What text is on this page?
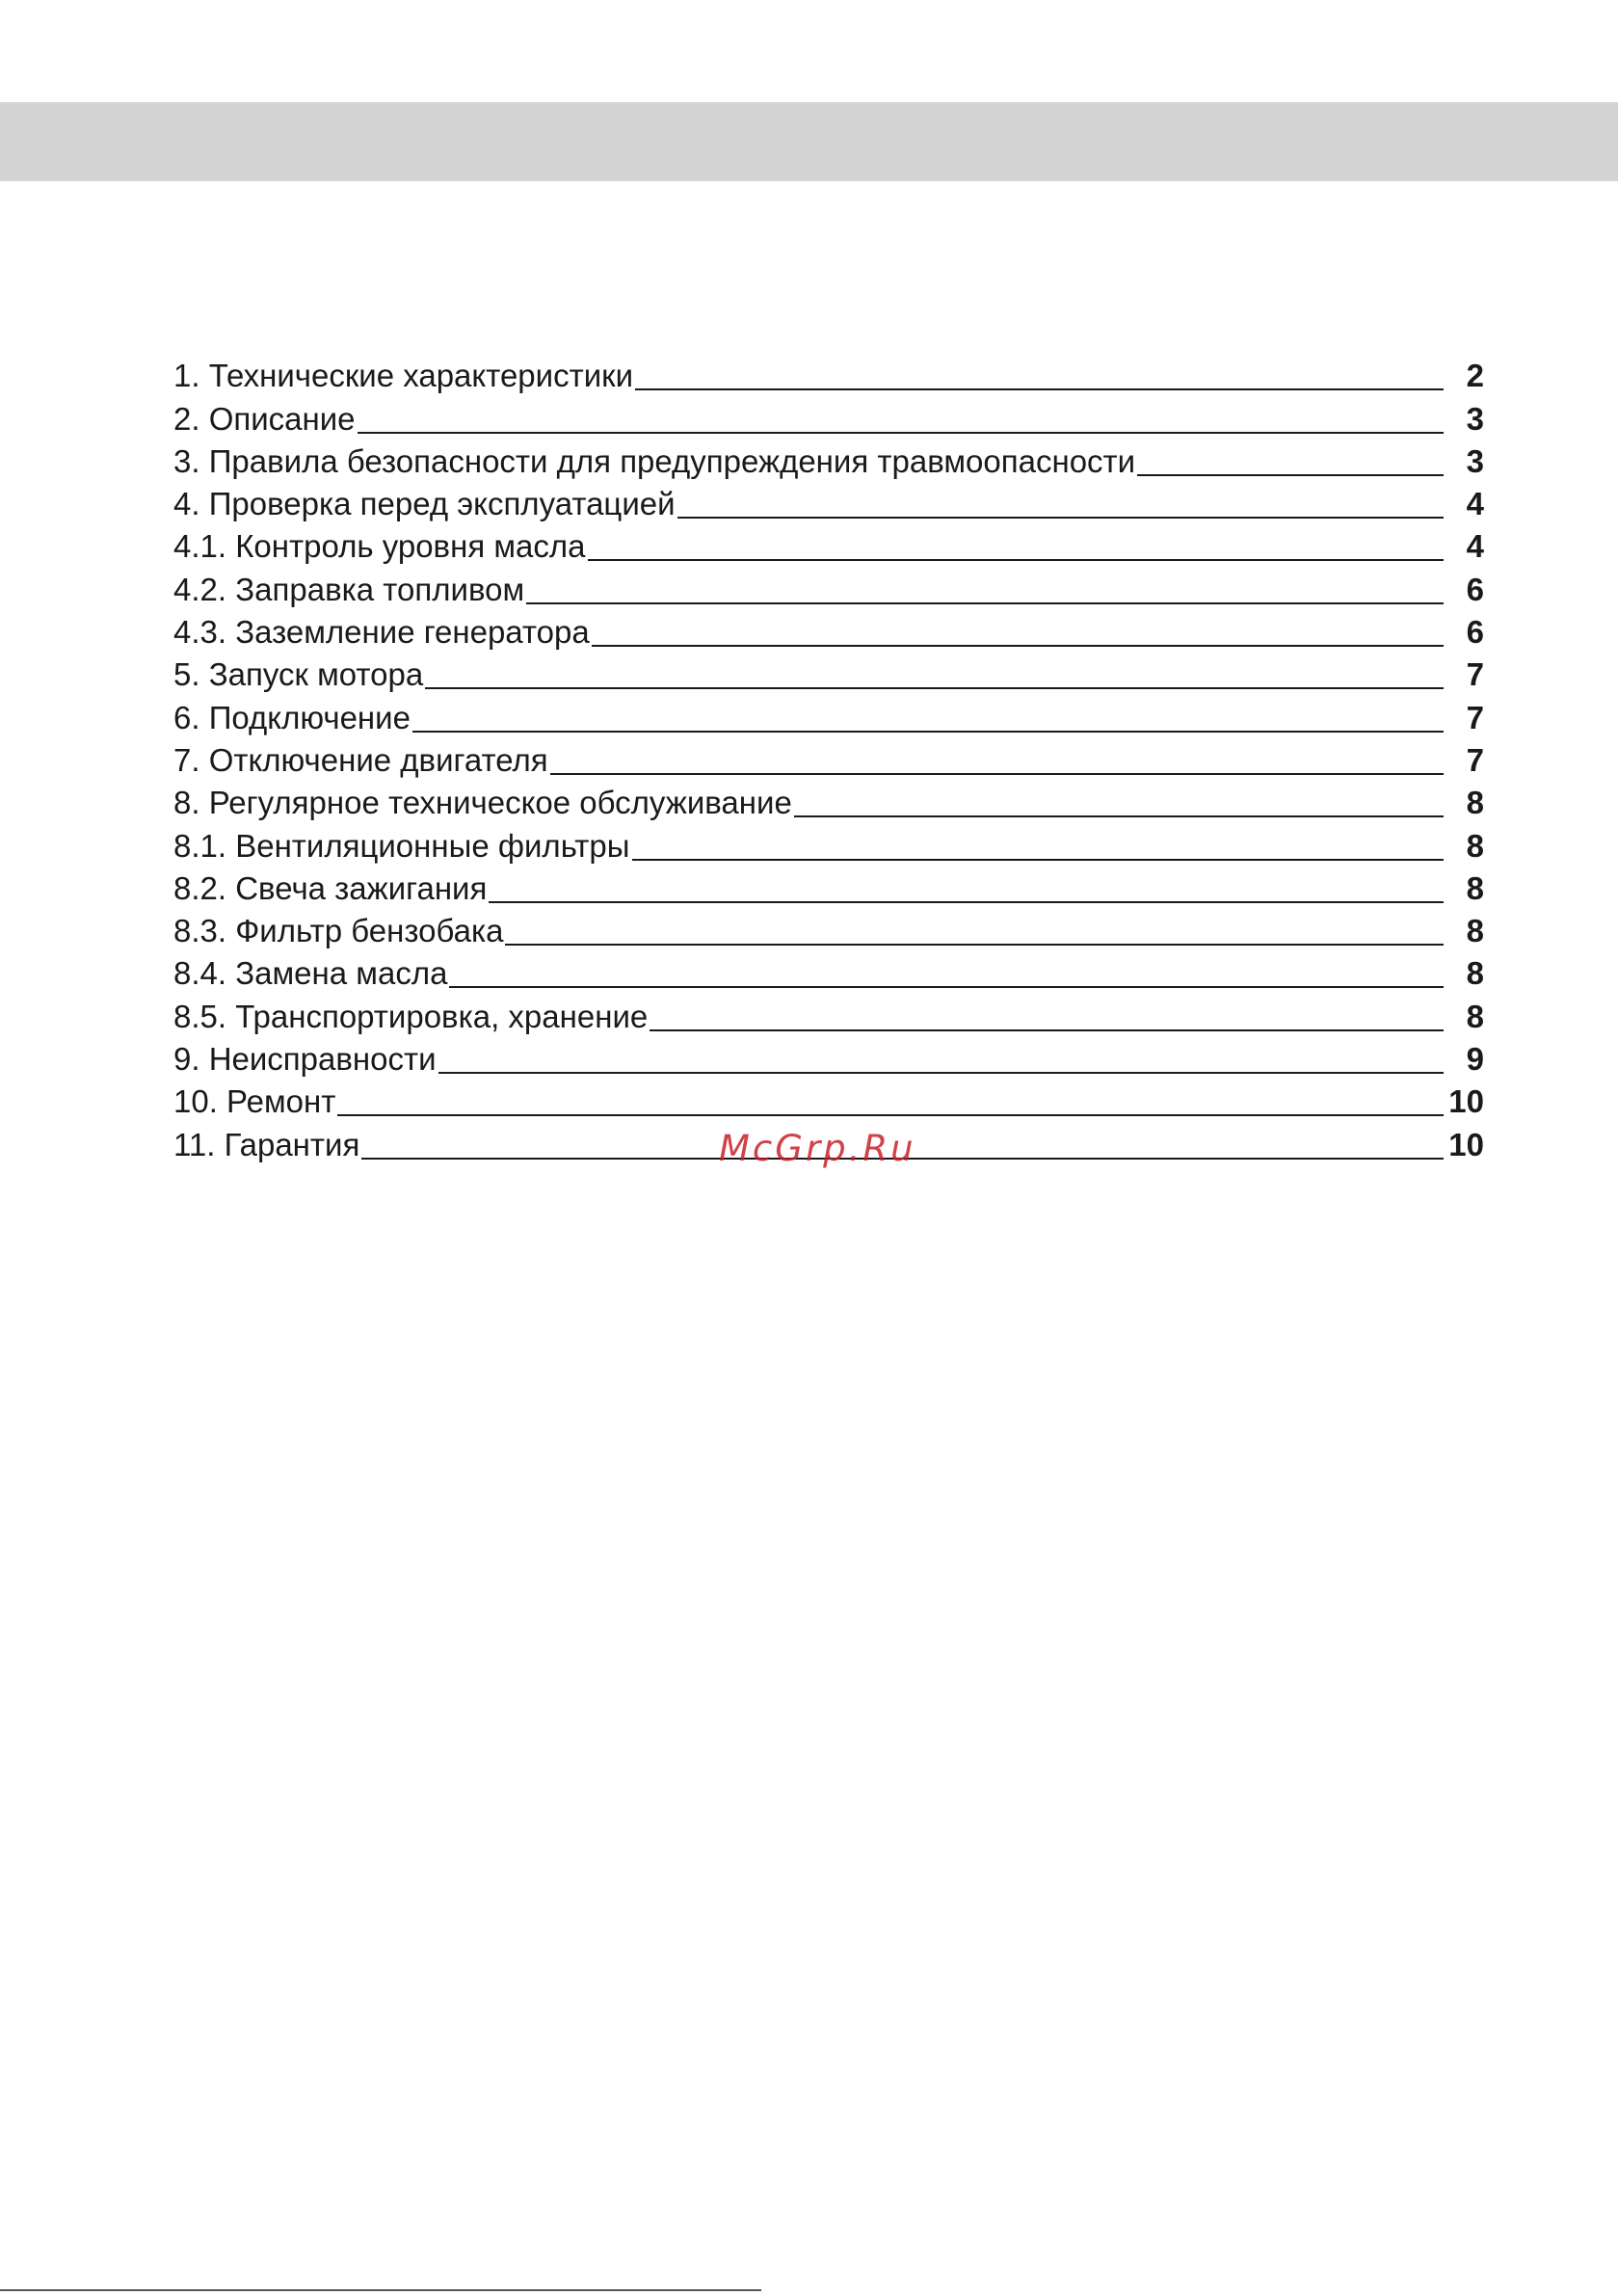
1. Технические характеристики	2
2. Описание	3
3. Правила безопасности для предупреждения травмоопасности	3
4. Проверка перед эксплуатацией	4
4.1. Контроль уровня масла	4
4.2. Заправка топливом	6
4.3. Заземление генератора	6
5. Запуск мотора	7
6. Подключение	7
7. Отключение двигателя	7
8. Регулярное техническое обслуживание	8
8.1. Вентиляционные фильтры	8
8.2. Свеча зажигания	8
8.3. Фильтр бензобака	8
8.4. Замена масла	8
8.5. Транспортировка, хранение	8
9. Неисправности	9
10. Ремонт	10
11. Гарантия	10
McGrp.Ru
